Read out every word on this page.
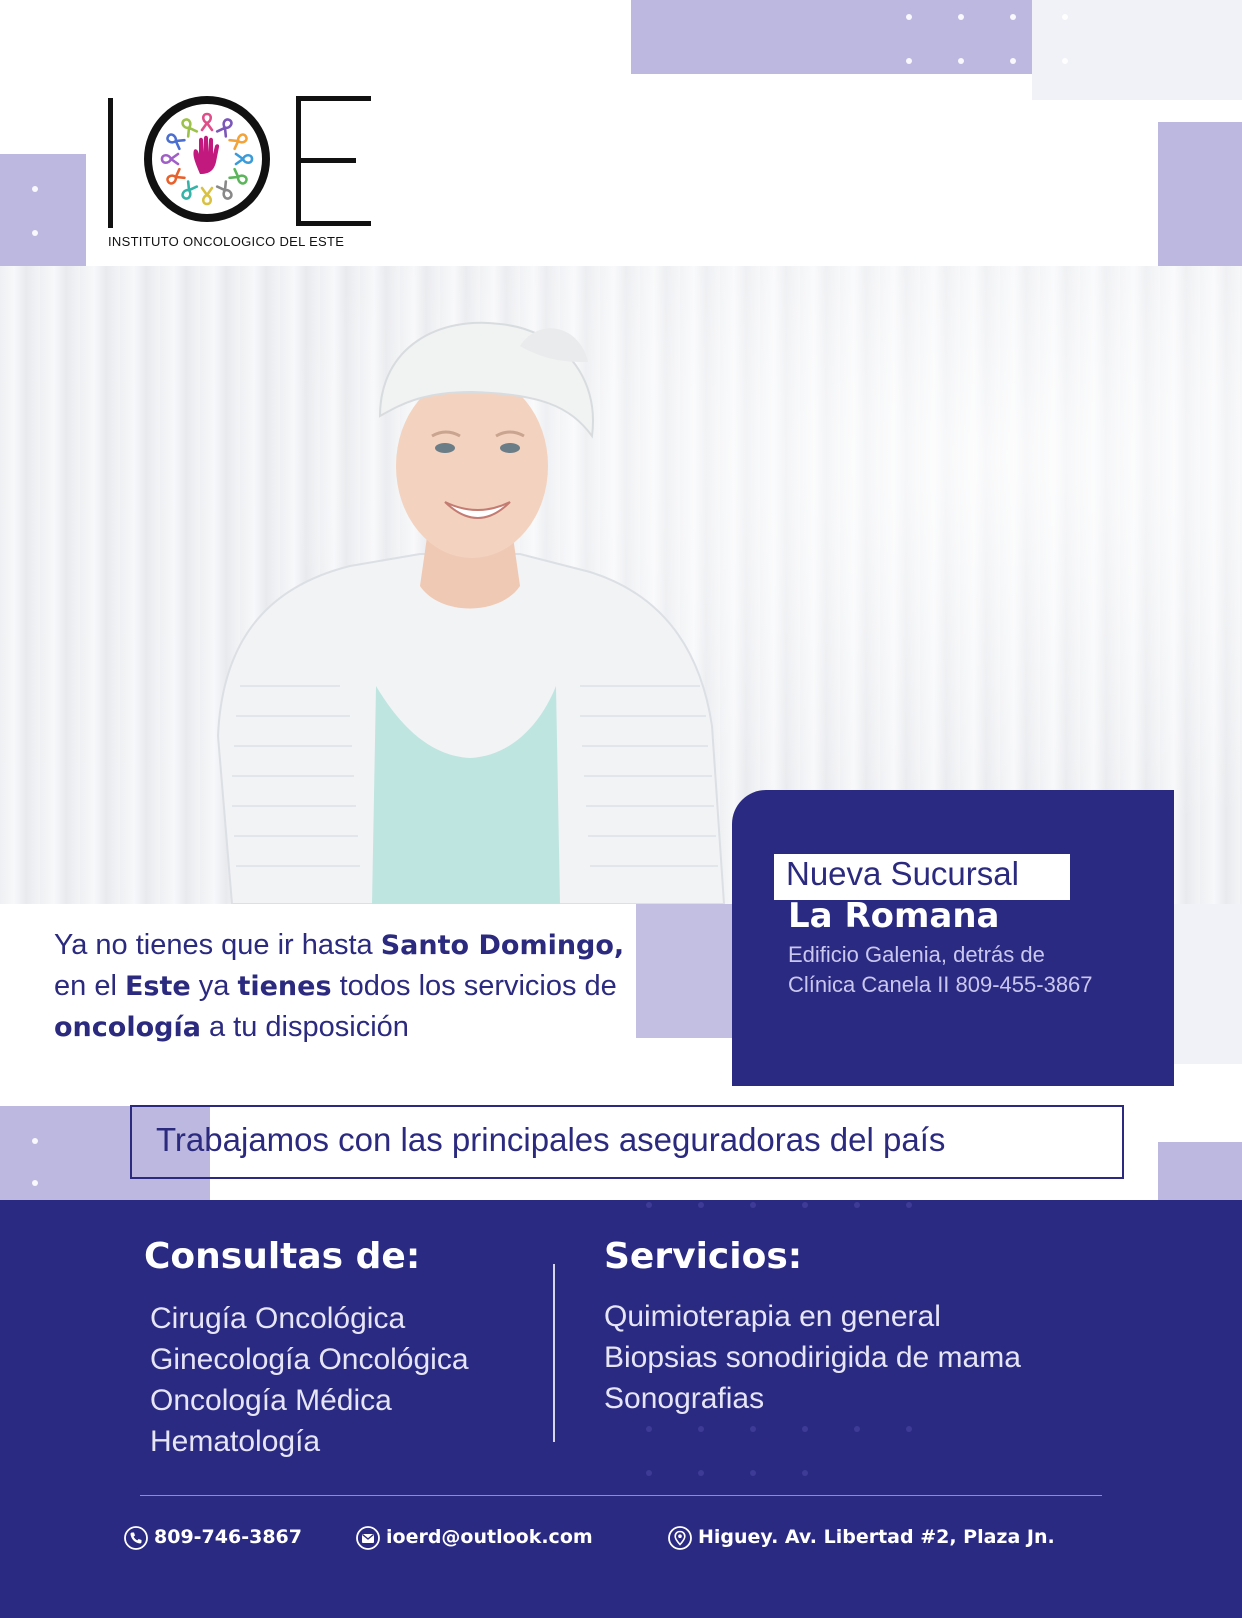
INSTITUTO ONCOLOGICO DEL ESTE
Nueva Sucursal
La Romana
Edificio Galenia, detrás de
Clínica Canela II 809-455-3867
Ya no tienes que ir hasta Santo Domingo,
en el Este ya tienes todos los servicios de
oncología a tu disposición
Trabajamos con las principales aseguradoras del país
Consultas de:
Cirugía Oncológica
Ginecología Oncológica
Oncología Médica
Hematología
Servicios:
Quimioterapia en general
Biopsias sonodirigida de mama
Sonografias
809-746-3867	ioerd@outlook.com	Higuey. Av. Libertad #2, Plaza Jn.
